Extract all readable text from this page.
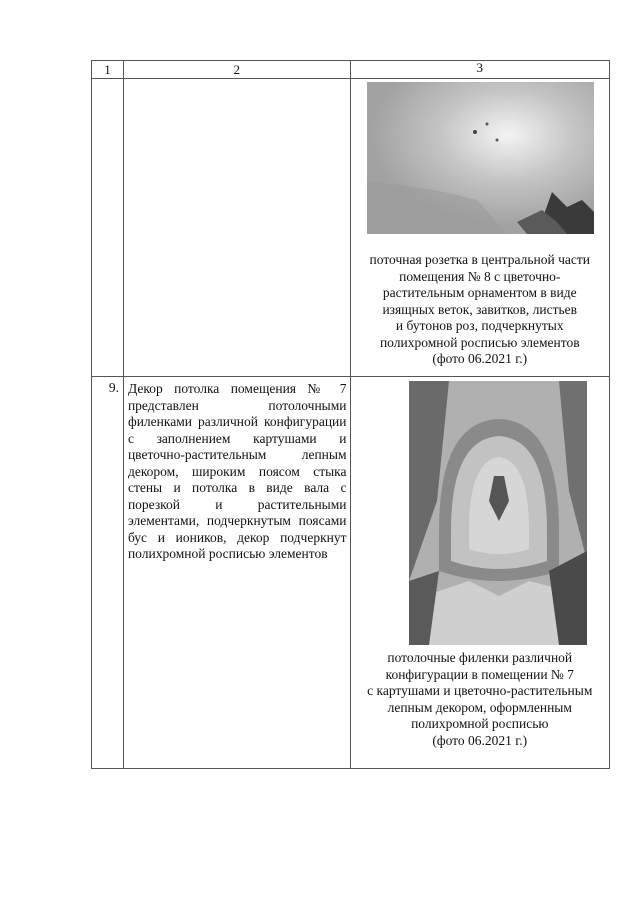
1	2	3
поточная розетка в центральной части
помещения № 8 с цветочно-
растительным орнаментом в виде
изящных веток, завитков, листьев
и бутонов роз, подчеркнутых
полихромной росписью элементов
(фото 06.2021 г.)
9. Декор потолка помещения № 7 представлен потолочными филенками различной конфигурации с заполнением картушами и цветочно-растительным лепным декором, широким поясом стыка стены и потолка в виде вала с порезкой и растительными элементами, подчеркнутым поясами бус и иоников, декор подчеркнут полихромной росписью элементов
потолочные филенки различной
конфигурации в помещении № 7
с картушами и цветочно-растительным
лепным декором, оформленным
полихромной росписью
(фото 06.2021 г.)
